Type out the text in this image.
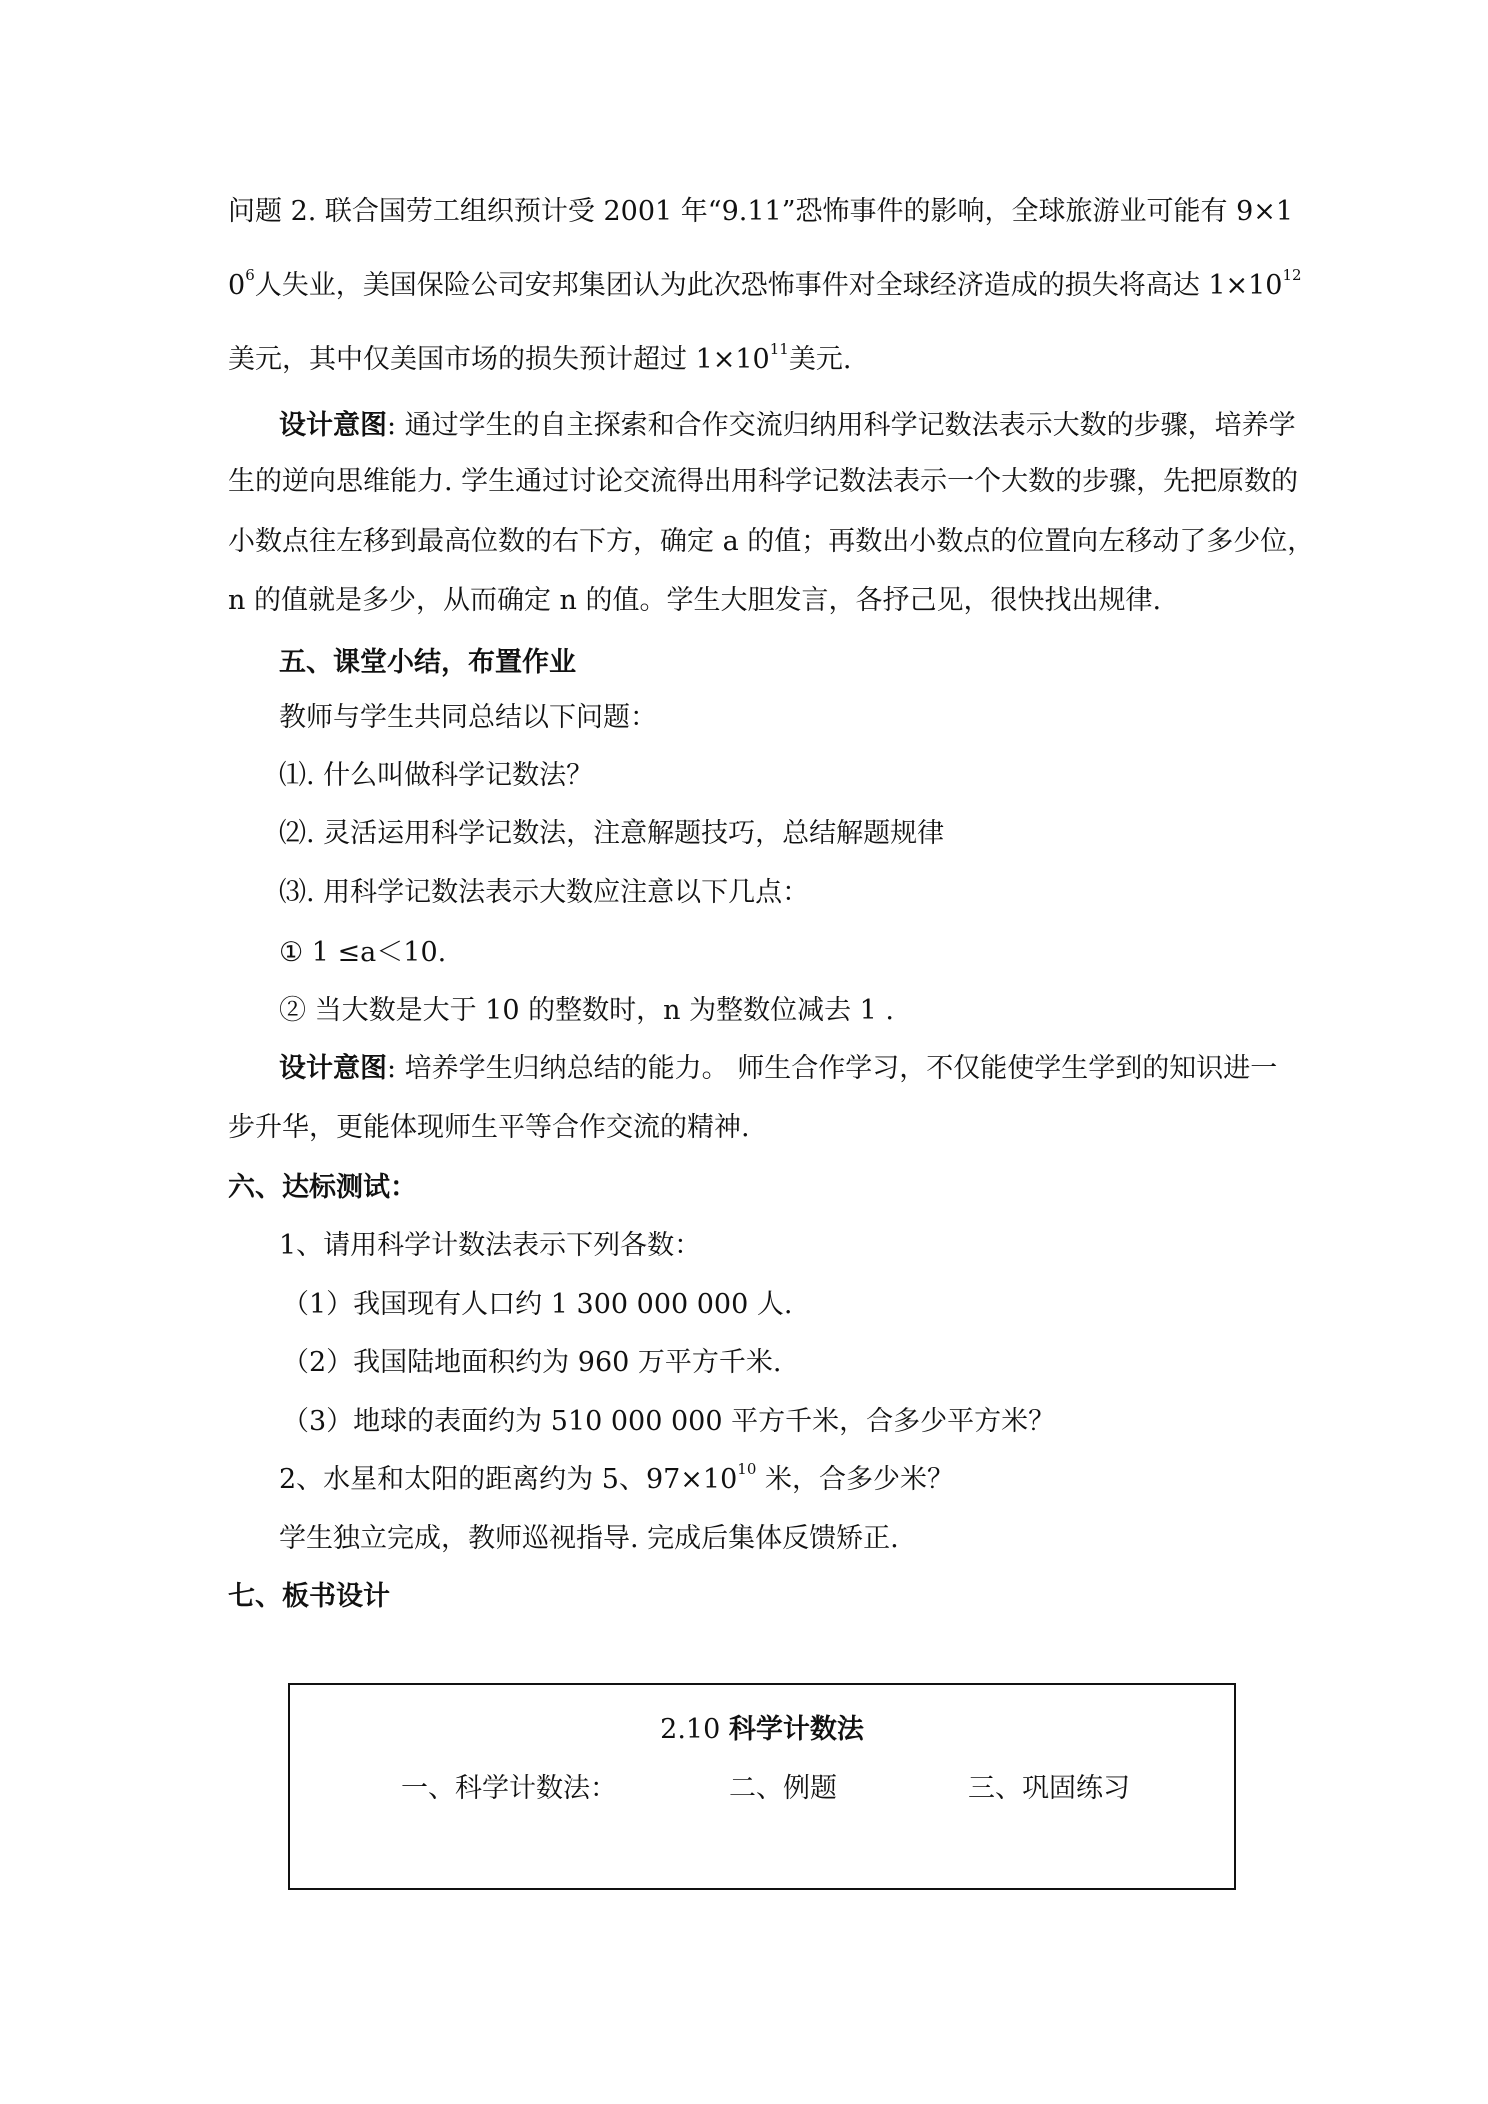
问题 2. 联合国劳工组织预计受 2001 年“9.11”恐怖事件的影响，全球旅游业可能有 9×1
$0^6$人失业，美国保险公司安邦集团认为此次恐怖事件对全球经济造成的损失将高达 $1\times 10^{12}$
美元，其中仅美国市场的损失预计超过 $1\times 10^{11}$美元.
设计意图: 通过学生的自主探索和合作交流归纳用科学记数法表示大数的步骤，培养学
生的逆向思维能力. 学生通过讨论交流得出用科学记数法表示一个大数的步骤，先把原数的
小数点往左移到最高位数的右下方，确定 a 的值；再数出小数点的位置向左移动了多少位，
n 的值就是多少，从而确定 n 的值。学生大胆发言，各抒己见，很快找出规律.
五、课堂小结，布置作业
教师与学生共同总结以下问题：
⑴. 什么叫做科学记数法？
⑵. 灵活运用科学记数法，注意解题技巧，总结解题规律
⑶. 用科学记数法表示大数应注意以下几点：
① 1 ≤a＜10.
② 当大数是大于 10 的整数时，n 为整数位减去 1 .
设计意图: 培养学生归纳总结的能力。 师生合作学习，不仅能使学生学到的知识进一
步升华，更能体现师生平等合作交流的精神.
六、达标测试：
1、请用科学计数法表示下列各数：
（1）我国现有人口约 1 300 000 000 人.
（2）我国陆地面积约为 960 万平方千米.
（3）地球的表面约为 510 000 000 平方千米，合多少平方米？
2、水星和太阳的距离约为 5、$97\times 10^{10}$ 米，合多少米？
学生独立完成，教师巡视指导. 完成后集体反馈矫正.
七、板书设计
2.10 科学计数法
一、科学计数法：	二、例题	三、巩固练习
